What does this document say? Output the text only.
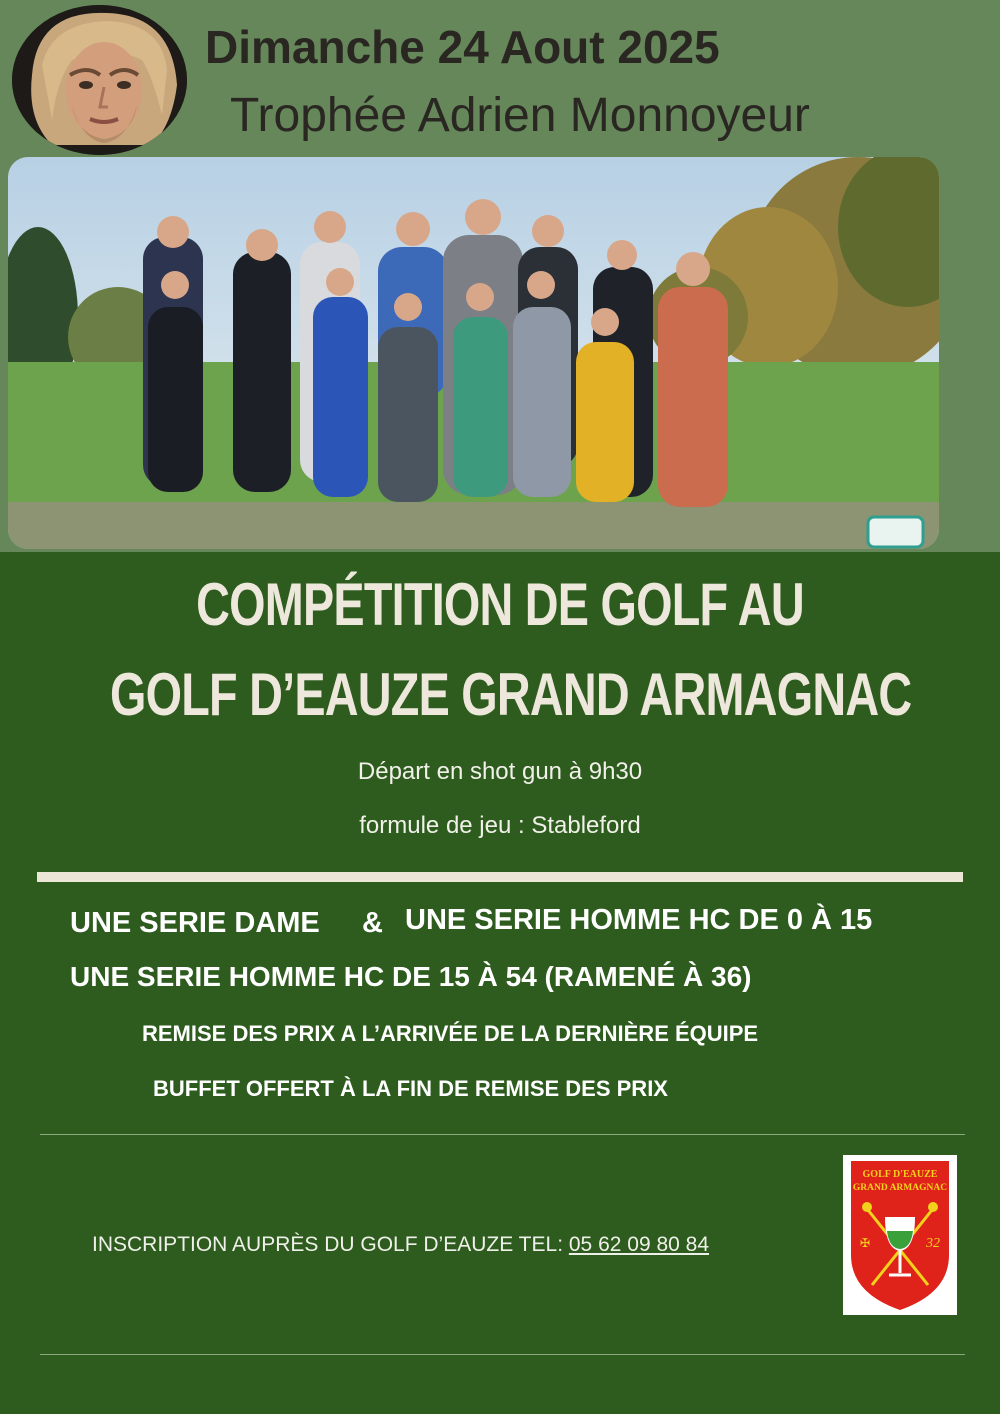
Dimanche 24 Aout 2025
Trophée Adrien Monnoyeur
COMPÉTITION DE GOLF AU
GOLF D’EAUZE GRAND ARMAGNAC
Départ en shot gun à 9h30
formule de jeu : Stableford
UNE SERIE DAME & UNE SERIE HOMME HC DE 0 À 15
UNE SERIE HOMME HC DE 15 À 54 (RAMENÉ À 36)
REMISE DES PRIX A L’ARRIVÉE DE LA DERNIÈRE ÉQUIPE
BUFFET OFFERT À LA FIN DE REMISE DES PRIX
INSCRIPTION AUPRÈS DU GOLF D’EAUZE TEL: 05 62 09 80 84
GOLF D'EAUZE
GRAND ARMAGNAC
32
✠
